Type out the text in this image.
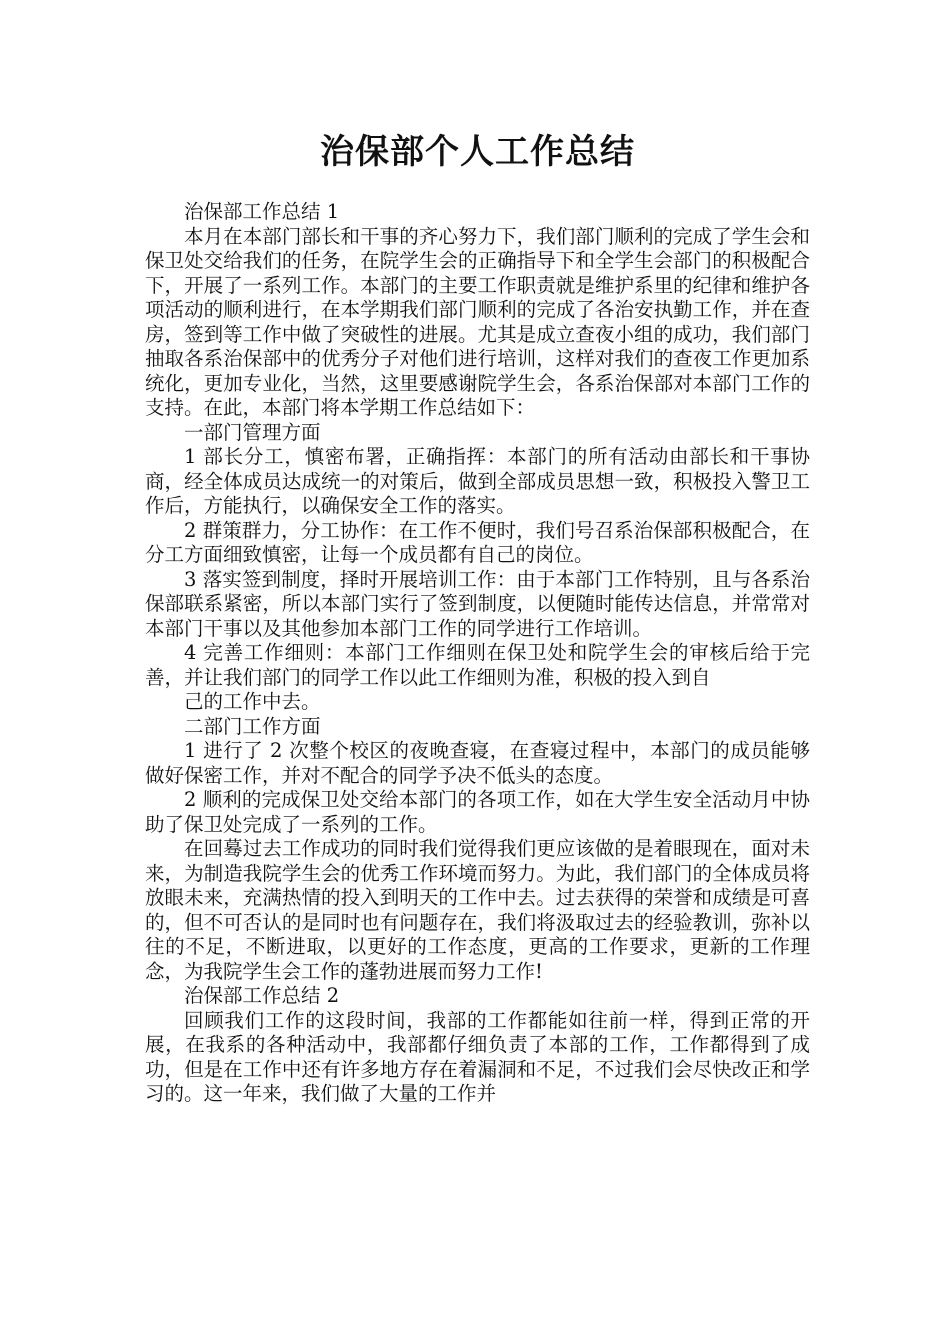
治保部个人工作总结

治保部工作总结 1

本月在本部门部长和干事的齐心努力下，我们部门顺利的完成了学生会和保卫处交给我们的任务，在院学生会的正确指导下和全学生会部门的积极配合下，开展了一系列工作。本部门的主要工作职责就是维护系里的纪律和维护各项活动的顺利进行，在本学期我们部门顺利的完成了各治安执勤工作，并在查房，签到等工作中做了突破性的进展。尤其是成立查夜小组的成功，我们部门抽取各系治保部中的优秀分子对他们进行培训，这样对我们的查夜工作更加系统化，更加专业化，当然，这里要感谢院学生会，各系治保部对本部门工作的支持。在此，本部门将本学期工作总结如下：

一部门管理方面

1 部长分工，慎密布署，正确指挥：本部门的所有活动由部长和干事协商，经全体成员达成统一的对策后，做到全部成员思想一致，积极投入警卫工作后，方能执行，以确保安全工作的落实。

2 群策群力，分工协作：在工作不便时，我们号召系治保部积极配合，在分工方面细致慎密，让每一个成员都有自己的岗位。

3 落实签到制度，择时开展培训工作：由于本部门工作特别，且与各系治保部联系紧密，所以本部门实行了签到制度，以便随时能传达信息，并常常对本部门干事以及其他参加本部门工作的同学进行工作培训。

4 完善工作细则：本部门工作细则在保卫处和院学生会的审核后给于完善，并让我们部门的同学工作以此工作细则为准，积极的投入到自

己的工作中去。

二部门工作方面

1 进行了 2 次整个校区的夜晚查寝，在查寝过程中，本部门的成员能够做好保密工作，并对不配合的同学予决不低头的态度。

2 顺利的完成保卫处交给本部门的各项工作，如在大学生安全活动月中协助了保卫处完成了一系列的工作。

在回蓦过去工作成功的同时我们觉得我们更应该做的是着眼现在，面对未来，为制造我院学生会的优秀工作环境而努力。为此，我们部门的全体成员将放眼未来，充满热情的投入到明天的工作中去。过去获得的荣誉和成绩是可喜的，但不可否认的是同时也有问题存在，我们将汲取过去的经验教训，弥补以往的不足，不断进取，以更好的工作态度，更高的工作要求，更新的工作理念，为我院学生会工作的蓬勃进展而努力工作!

治保部工作总结 2

回顾我们工作的这段时间，我部的工作都能如往前一样，得到正常的开展，在我系的各种活动中，我部都仔细负责了本部的工作，工作都得到了成功，但是在工作中还有许多地方存在着漏洞和不足，不过我们会尽快改正和学习的。这一年来，我们做了大量的工作并
